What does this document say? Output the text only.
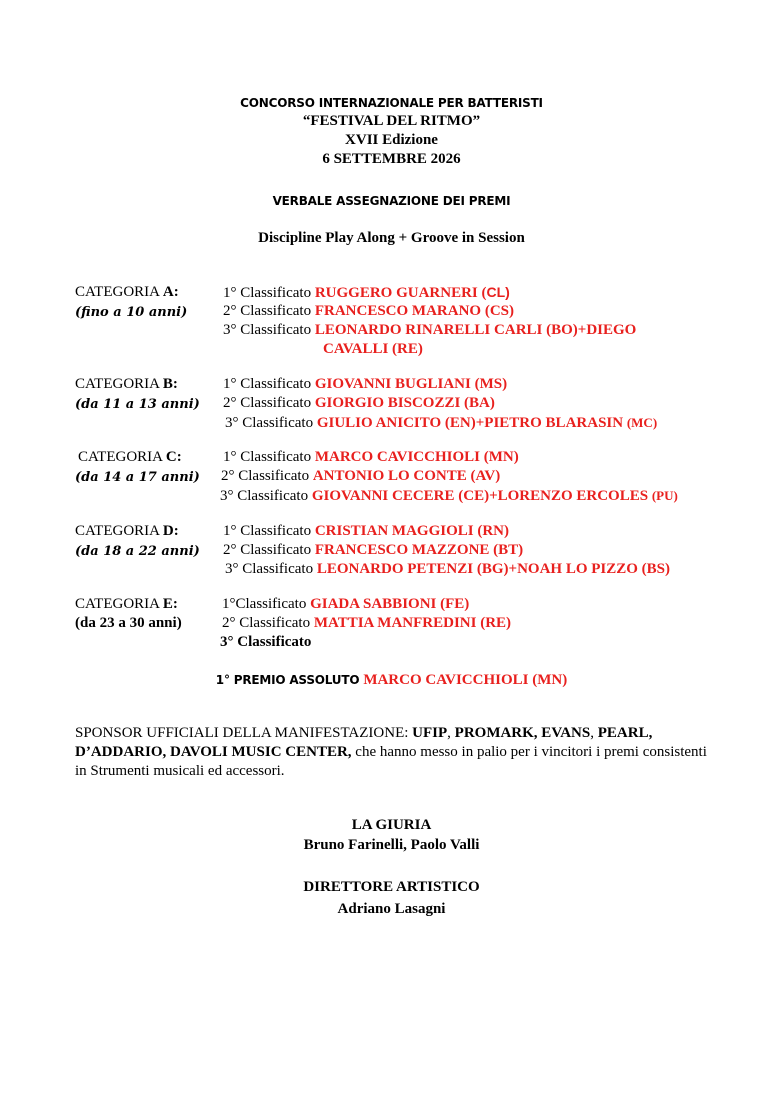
CONCORSO INTERNAZIONALE PER BATTERISTI
“FESTIVAL DEL RITMO”
XVII Edizione
6 SETTEMBRE 2026
VERBALE ASSEGNAZIONE DEI PREMI
Discipline Play Along + Groove in Session
CATEGORIA A:
(fino a 10 anni)
1° Classificato RUGGERO GUARNERI (CL)
2° Classificato FRANCESCO MARANO (CS)
3° Classificato LEONARDO RINARELLI CARLI (BO)+DIEGO
CAVALLI (RE)
CATEGORIA B:
(da 11 a 13 anni)
1° Classificato GIOVANNI BUGLIANI (MS)
2° Classificato GIORGIO BISCOZZI (BA)
3° Classificato GIULIO ANICITO (EN)+PIETRO BLARASIN (MC)
CATEGORIA C:
(da 14 a 17 anni)
1° Classificato MARCO CAVICCHIOLI (MN)
2° Classificato ANTONIO LO CONTE (AV)
3° Classificato GIOVANNI CECERE (CE)+LORENZO ERCOLES (PU)
CATEGORIA D:
(da 18 a 22 anni)
1° Classificato CRISTIAN MAGGIOLI (RN)
2° Classificato FRANCESCO MAZZONE (BT)
3° Classificato LEONARDO PETENZI (BG)+NOAH LO PIZZO (BS)
CATEGORIA E:
(da 23 a 30 anni)
1°Classificato GIADA SABBIONI (FE)
2° Classificato MATTIA MANFREDINI (RE)
3° Classificato
1° PREMIO ASSOLUTO MARCO CAVICCHIOLI (MN)
SPONSOR UFFICIALI DELLA MANIFESTAZIONE: UFIP, PROMARK, EVANS, PEARL,
D’ADDARIO, DAVOLI MUSIC CENTER, che hanno messo in palio per i vincitori i premi consistenti in Strumenti musicali ed accessori.
LA GIURIA
Bruno Farinelli, Paolo Valli
DIRETTORE ARTISTICO
Adriano Lasagni
